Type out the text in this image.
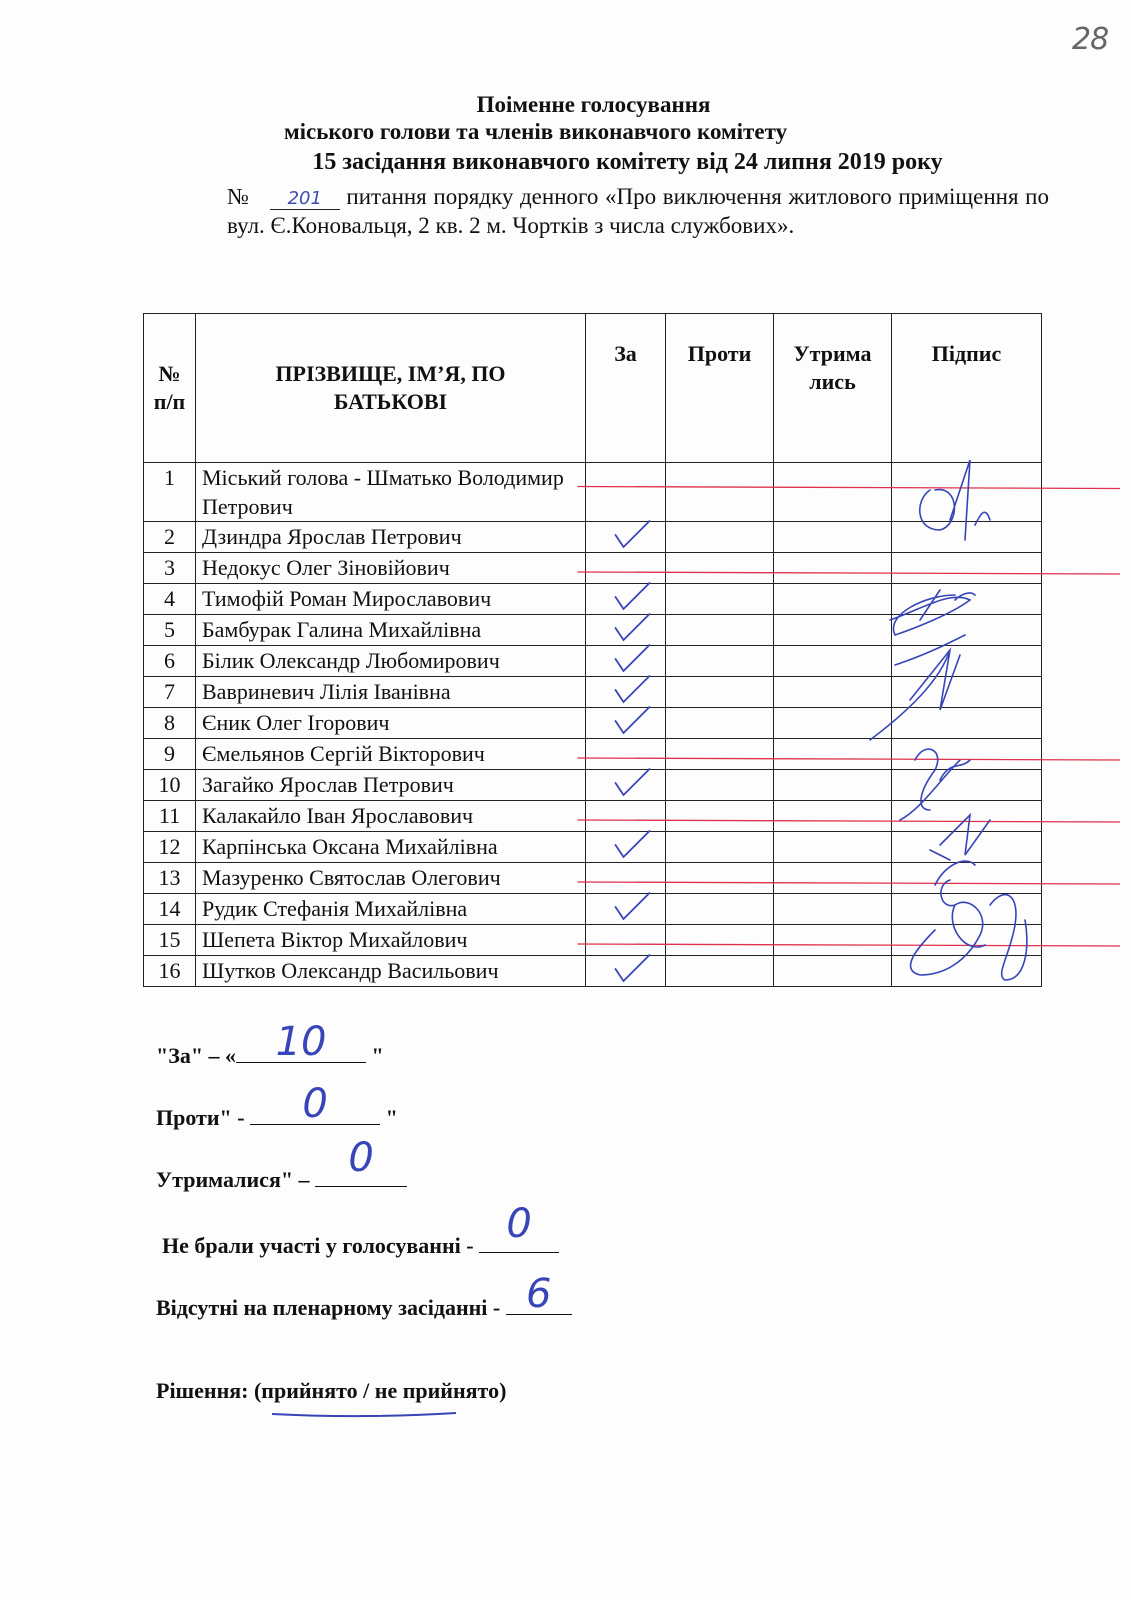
28
Поіменне голосування
міського голови та членів виконавчого комітету
15 засідання виконавчого комітету від 24 липня 2019 року
№ 201 питання порядку денного «Про виключення житлового приміщення по вул. Є.Коновальця, 2 кв. 2 м. Чортків з числа службових».
№ п/п	ПРІЗВИЩЕ, ІМ’Я, ПО БАТЬКОВІ	За	Проти	Утрима лись	Підпис
1	Міський голова - Шматько Володимир Петрович				
2	Дзиндра Ярослав Петрович				
3	Недокус Олег Зіновійович				
4	Тимофій Роман Мирославович				
5	Бамбурак Галина Михайлівна				
6	Білик Олександр Любомирович				
7	Вавриневич Лілія Іванівна				
8	Єник Олег Ігорович				
9	Ємельянов Сергій Вікторович				
10	Загайко Ярослав Петрович				
11	Калакайло Іван Ярославович				
12	Карпінська Оксана Михайлівна				
13	Мазуренко Святослав Олегович				
14	Рудик Стефанія Михайлівна				
15	Шепета Віктор Михайлович				
16	Шутков Олександр Васильович				
"За" – « 10	"
Проти" -	0	"
Утрималися" – 0
Не брали участі у голосуванні - 0
Відсутні на пленарному засіданні - 6
Рішення: (прийнято / не прийнято)
